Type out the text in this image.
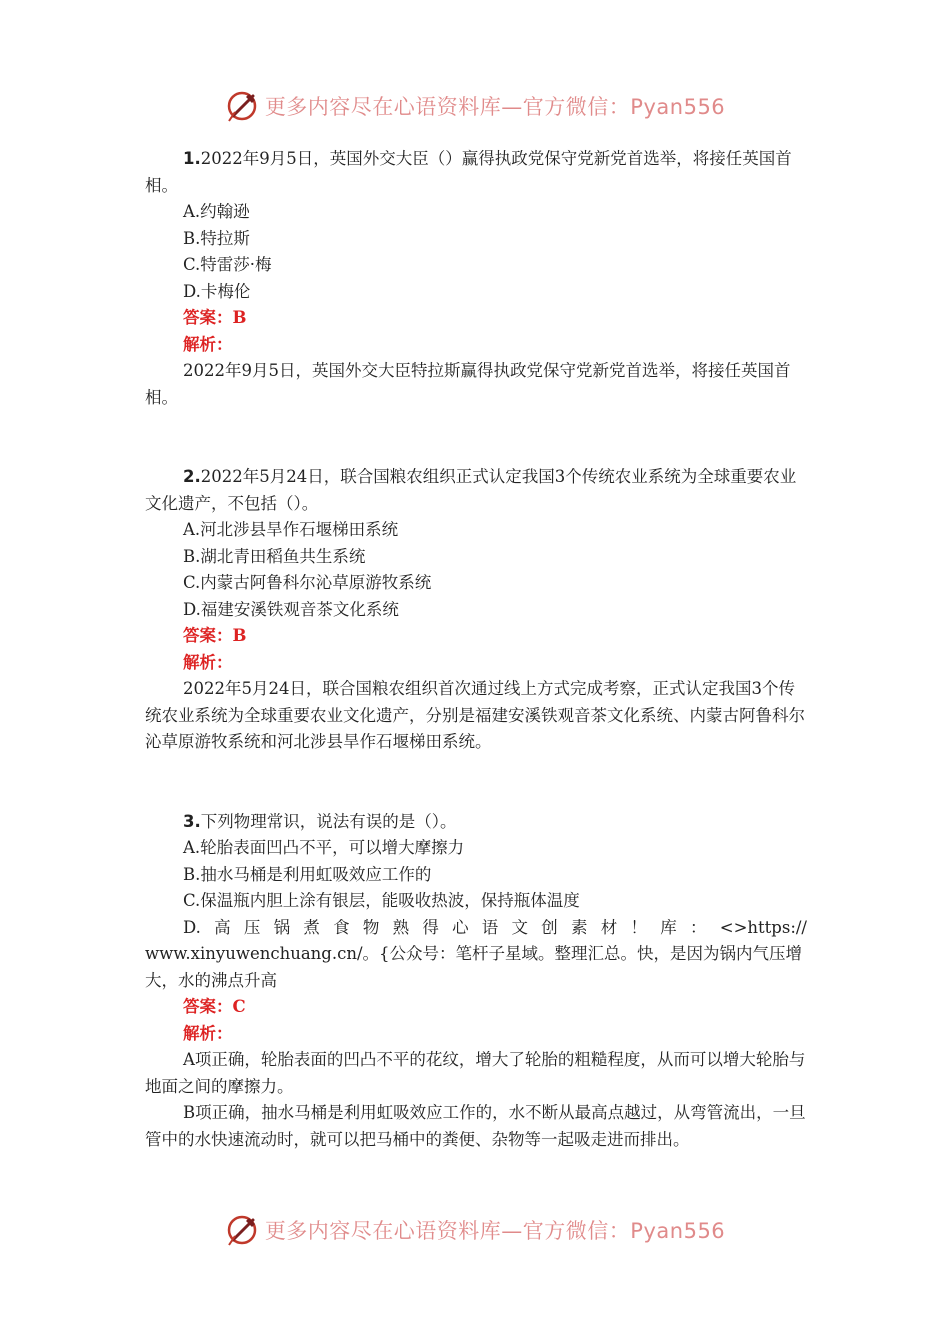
更多内容尽在心语资料库—官方微信：Pyan556

1.2022年9月5日，英国外交大臣（）赢得执政党保守党新党首选举，将接任英国首相。

A.约翰逊

B.特拉斯

C.特雷莎·梅

D.卡梅伦

答案：B

解析：

2022年9月5日，英国外交大臣特拉斯赢得执政党保守党新党首选举，将接任英国首相。

2.2022年5月24日，联合国粮农组织正式认定我国3个传统农业系统为全球重要农业文化遗产，不包括（）。

A.河北涉县旱作石堰梯田系统

B.湖北青田稻鱼共生系统

C.内蒙古阿鲁科尔沁草原游牧系统

D.福建安溪铁观音茶文化系统

答案：B

解析：

2022年5月24日，联合国粮农组织首次通过线上方式完成考察，正式认定我国3个传统农业系统为全球重要农业文化遗产，分别是福建安溪铁观音茶文化系统、内蒙古阿鲁科尔沁草原游牧系统和河北涉县旱作石堰梯田系统。

3.下列物理常识，说法有误的是（）。

A.轮胎表面凹凸不平，可以增大摩擦力

B.抽水马桶是利用虹吸效应工作的

C.保温瓶内胆上涂有银层，能吸收热波，保持瓶体温度

D.高压锅煮食物熟得心语文创素材！库：<>https://

www.xinyuwenchuang.cn/。{公众号：笔杆子星域。整理汇总。快，是因为锅内气压增大，水的沸点升高

答案：C

解析：

A项正确，轮胎表面的凹凸不平的花纹，增大了轮胎的粗糙程度，从而可以增大轮胎与地面之间的摩擦力。

B项正确，抽水马桶是利用虹吸效应工作的，水不断从最高点越过，从弯管流出，一旦管中的水快速流动时，就可以把马桶中的粪便、杂物等一起吸走进而排出。

更多内容尽在心语资料库—官方微信：Pyan556
